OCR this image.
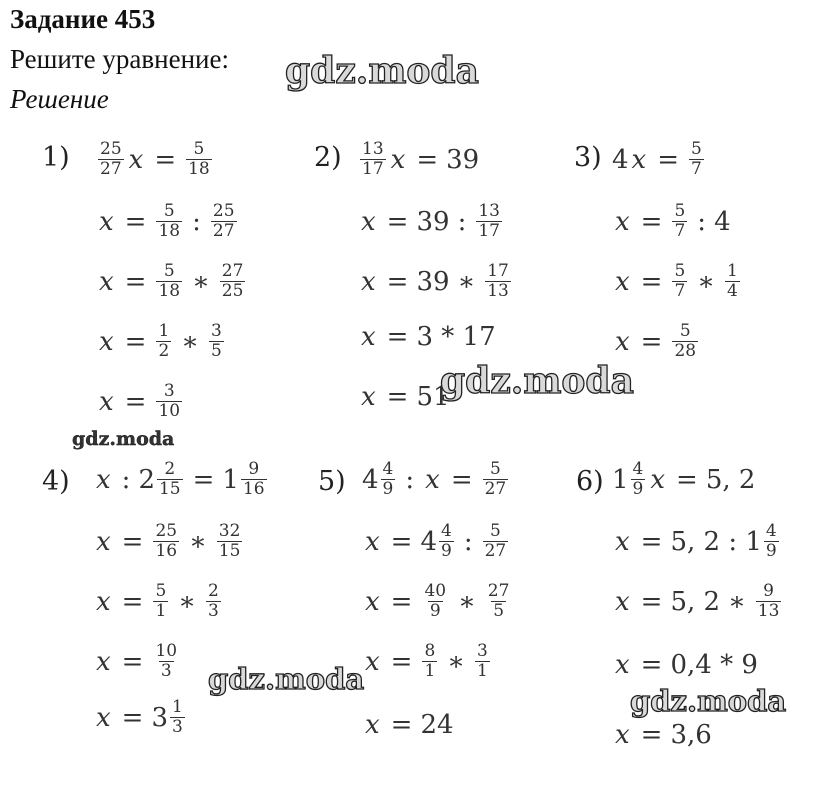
Задание 453
Решите уравнение:
Решение
1)	2)	3)
4)	5)	6)
$\frac{25}{27}$ $x = \frac{5}{18}$
$x = \frac{5}{18}$ : $\frac{25}{27}$
$x = \frac{5}{18}$ ∗ $\frac{27}{25}$
$x = \frac{1}{2}$ ∗ $\frac{3}{5}$
$x = \frac{3}{10}$
$\frac{13}{17}$ x = 39
x = 39 : $\frac{13}{17}$
x = 39 ∗ $\frac{17}{13}$
x = 3 * 17
x = 51
4 $x = \frac{5}{7}$
$x = \frac{5}{7}$ : 4
$x = \frac{5}{7}$ ∗ $\frac{1}{4}$
$x = \frac{5}{28}$
x : $2 \frac{2}{15} = 1 \frac{9}{16}$
$x = \frac{25}{16}$ ∗ $\frac{32}{15}$
$x = \frac{5}{1}$ ∗ $\frac{2}{3}$
$x = \frac{10}{3}$
$x = 3 \frac{1}{3}$
$4 \frac{4}{9}$ : $x = \frac{5}{27}$
$x = 4 \frac{4}{9}$ : $\frac{5}{27}$
$x = \frac{40}{9}$ ∗ $\frac{27}{5}$
$x = \frac{8}{1}$ ∗ $\frac{3}{1}$
x = 24
$1 \frac{4}{9}$ x = 5, 2
x = 5, 2 : $1 \frac{4}{9}$
x = 5, 2 ∗ $\frac{9}{13}$
x = 0,4 * 9
x = 3,6
gdz.moda
gdz.moda
gdz.moda
gdz.moda
gdz.moda
